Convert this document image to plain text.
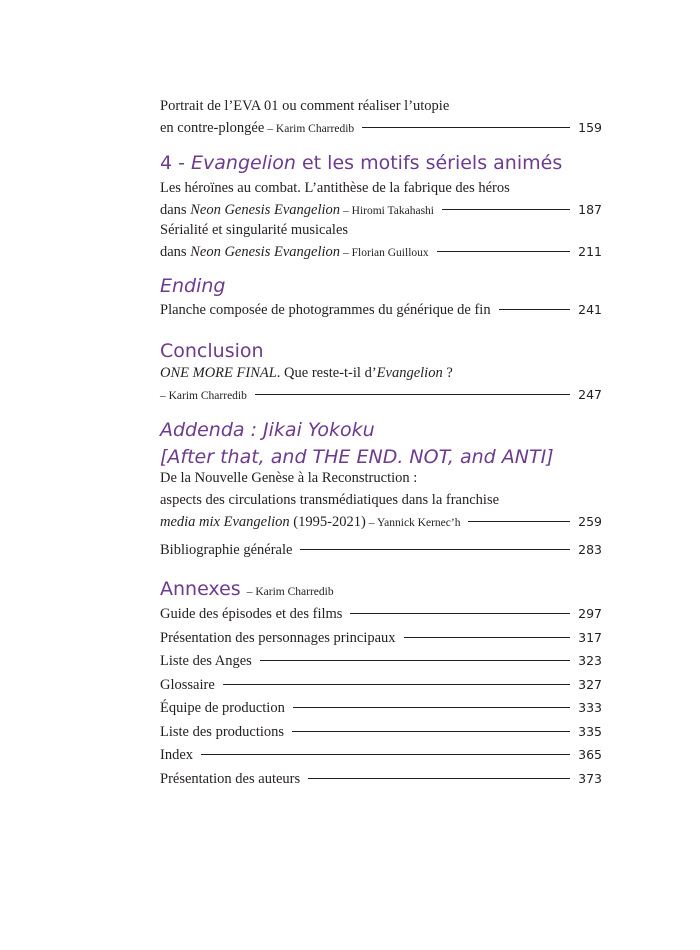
Portrait de l’EVA 01 ou comment réaliser l’utopie
en contre-plongée – Karim Charredib	159
4 - Evangelion et les motifs sériels animés
Les héroïnes au combat. L’antithèse de la fabrique des héros
dans Neon Genesis Evangelion – Hiromi Takahashi	187
Sérialité et singularité musicales
dans Neon Genesis Evangelion – Florian Guilloux	211
Ending
Planche composée de photogrammes du générique de fin	241
Conclusion
ONE MORE FINAL. Que reste-t-il d’Evangelion ?
– Karim Charredib	247
Addenda : Jikai Yokoku
[After that, and THE END. NOT, and ANTI]
De la Nouvelle Genèse à la Reconstruction :
aspects des circulations transmédiatiques dans la franchise
media mix Evangelion (1995-2021) – Yannick Kernec’h	259
Bibliographie générale	283
Annexes – Karim Charredib
Guide des épisodes et des films	297
Présentation des personnages principaux	317
Liste des Anges	323
Glossaire	327
Équipe de production	333
Liste des productions	335
Index	365
Présentation des auteurs	373
